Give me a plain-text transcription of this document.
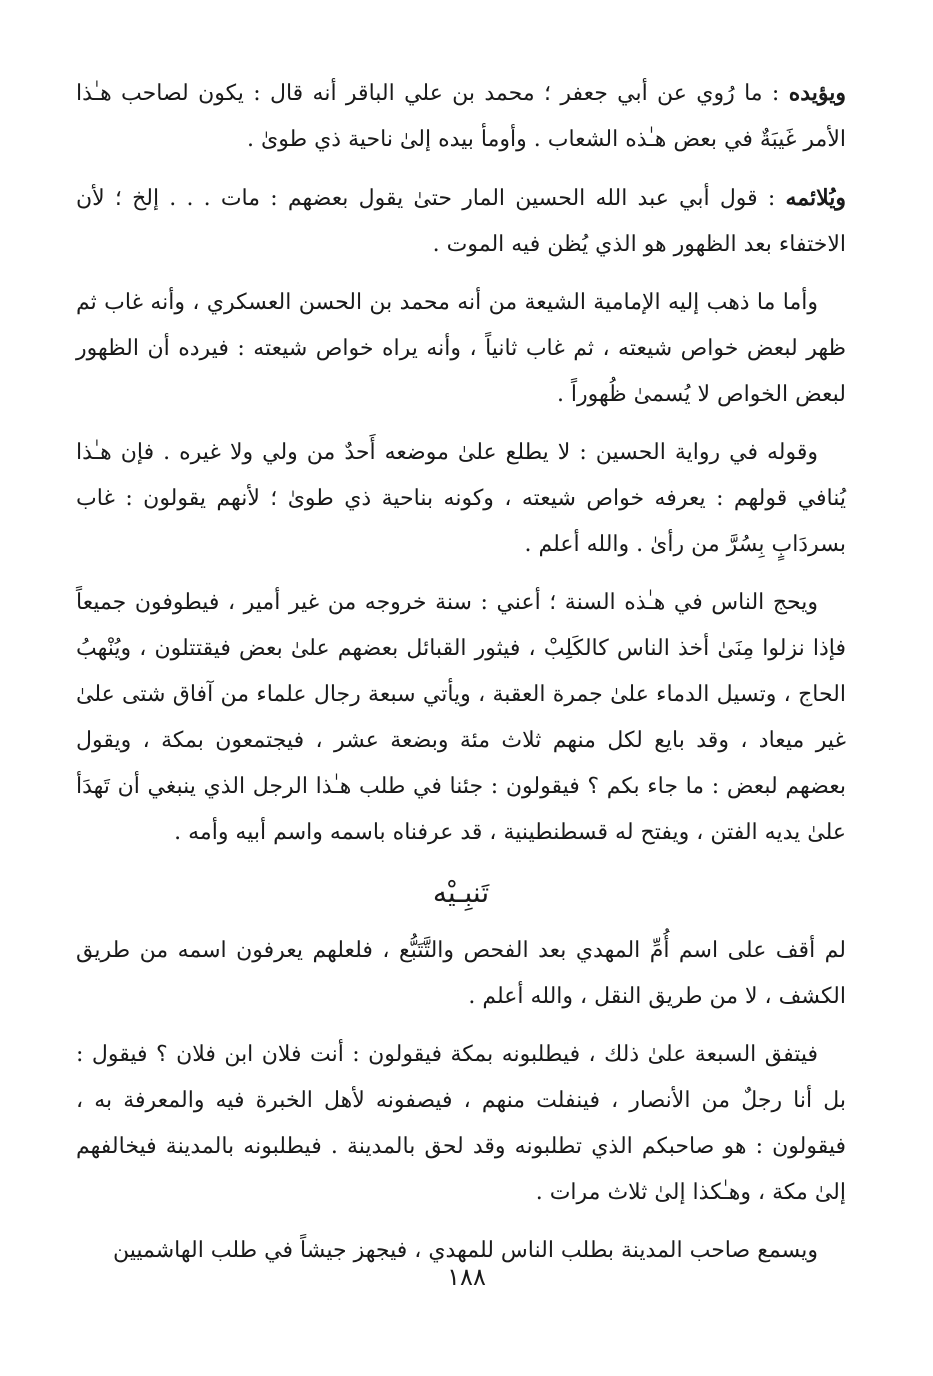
ويؤيده : ما رُوي عن أبي جعفر ؛ محمد بن علي الباقر أنه قال : يكون لصاحب هـٰذا الأمر غَيبَةٌ في بعض هـٰذه الشعاب . وأومأ بيده إلىٰ ناحية ذي طوىٰ .

ويُلائمه : قول أبي عبد الله الحسين المار حتىٰ يقول بعضهم : مات . . . إلخ ؛ لأن الاختفاء بعد الظهور هو الذي يُظن فيه الموت .

وأما ما ذهب إليه الإمامية الشيعة من أنه محمد بن الحسن العسكري ، وأنه غاب ثم ظهر لبعض خواص شيعته ، ثم غاب ثانياً ، وأنه يراه خواص شيعته : فيرده أن الظهور لبعض الخواص لا يُسمىٰ ظُهوراً .

وقوله في رواية الحسين : لا يطلع علىٰ موضعه أَحدٌ من ولي ولا غيره . فإن هـٰذا يُنافي قولهم : يعرفه خواص شيعته ، وكونه بناحية ذي طوىٰ ؛ لأنهم يقولون : غاب بسردَابٍ بِسُرَّ من رأىٰ . والله أعلم .

ويحج الناس في هـٰذه السنة ؛ أعني : سنة خروجه من غير أمير ، فيطوفون جميعاً فإذا نزلوا مِنَىٰ أخذ الناس كالكَلِبْ ، فيثور القبائل بعضهم علىٰ بعض فيقتتلون ، ويُنْهبُ الحاج ، وتسيل الدماء علىٰ جمرة العقبة ، ويأتي سبعة رجال علماء من آفاق شتى علىٰ غير ميعاد ، وقد بايع لكل منهم ثلاث مئة وبضعة عشر ، فيجتمعون بمكة ، ويقول بعضهم لبعض : ما جاء بكم ؟ فيقولون : جئنا في طلب هـٰذا الرجل الذي ينبغي أن تَهدَأ علىٰ يديه الفتن ، ويفتح له قسطنطينية ، قد عرفناه باسمه واسم أبيه وأمه .

تَنبِـيْه

لم أقف على اسم أُمِّ المهدي بعد الفحص والتَّتَبُّع ، فلعلهم يعرفون اسمه من طريق الكشف ، لا من طريق النقل ، والله أعلم .

فيتفق السبعة علىٰ ذلك ، فيطلبونه بمكة فيقولون : أنت فلان ابن فلان ؟ فيقول : بل أنا رجلٌ من الأنصار ، فينفلت منهم ، فيصفونه لأهل الخبرة فيه والمعرفة به ، فيقولون : هو صاحبكم الذي تطلبونه وقد لحق بالمدينة . فيطلبونه بالمدينة فيخالفهم إلىٰ مكة ، وهـٰكذا إلىٰ ثلاث مرات .

ويسمع صاحب المدينة بطلب الناس للمهدي ، فيجهز جيشاً في طلب الهاشميين

١٨٨
